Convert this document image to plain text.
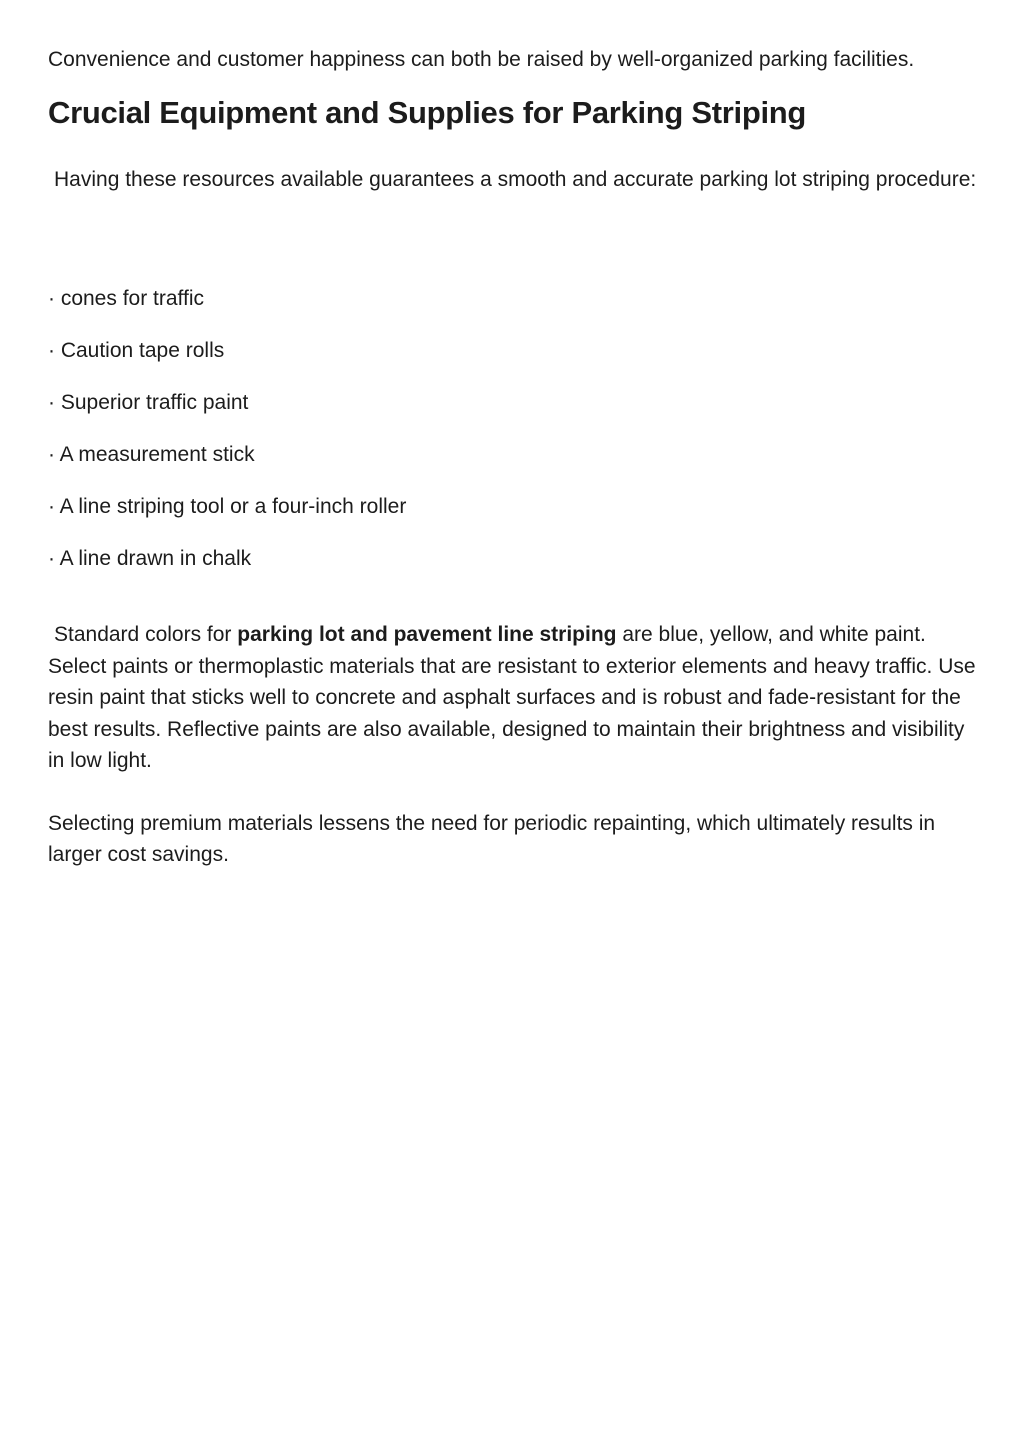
Convenience and customer happiness can both be raised by well-organized parking facilities.

Crucial Equipment and Supplies for Parking Striping

Having these resources available guarantees a smooth and accurate parking lot striping procedure:

· cones for traffic
· Caution tape rolls
· Superior traffic paint
· A measurement stick
· A line striping tool or a four-inch roller
· A line drawn in chalk

Standard colors for parking lot and pavement line striping are blue, yellow, and white paint. Select paints or thermoplastic materials that are resistant to exterior elements and heavy traffic. Use resin paint that sticks well to concrete and asphalt surfaces and is robust and fade-resistant for the best results. Reflective paints are also available, designed to maintain their brightness and visibility in low light.

Selecting premium materials lessens the need for periodic repainting, which ultimately results in larger cost savings.
